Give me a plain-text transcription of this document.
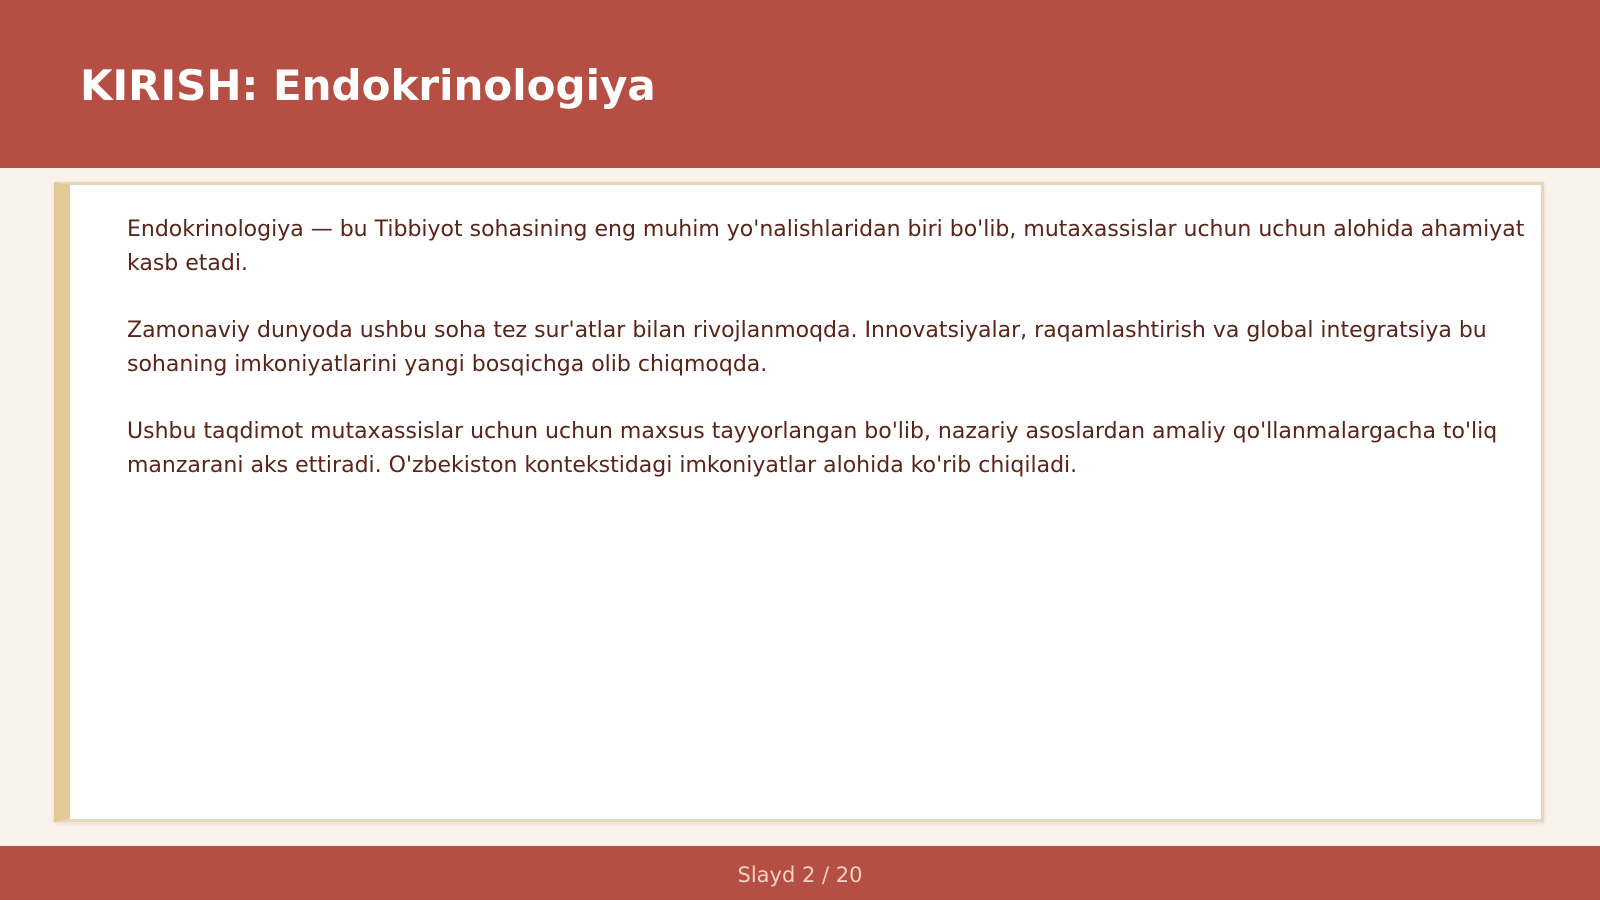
KIRISH: Endokrinologiya

Endokrinologiya — bu Tibbiyot sohasining eng muhim yo'nalishlaridan biri bo'lib, mutaxassislar uchun uchun alohida ahamiyat kasb etadi.

Zamonaviy dunyoda ushbu soha tez sur'atlar bilan rivojlanmoqda. Innovatsiyalar, raqamlashtirish va global integratsiya bu sohaning imkoniyatlarini yangi bosqichga olib chiqmoqda.

Ushbu taqdimot mutaxassislar uchun uchun maxsus tayyorlangan bo'lib, nazariy asoslardan amaliy qo'llanmalargacha to'liq manzarani aks ettiradi. O'zbekiston kontekstidagi imkoniyatlar alohida ko'rib chiqiladi.

Slayd 2 / 20
